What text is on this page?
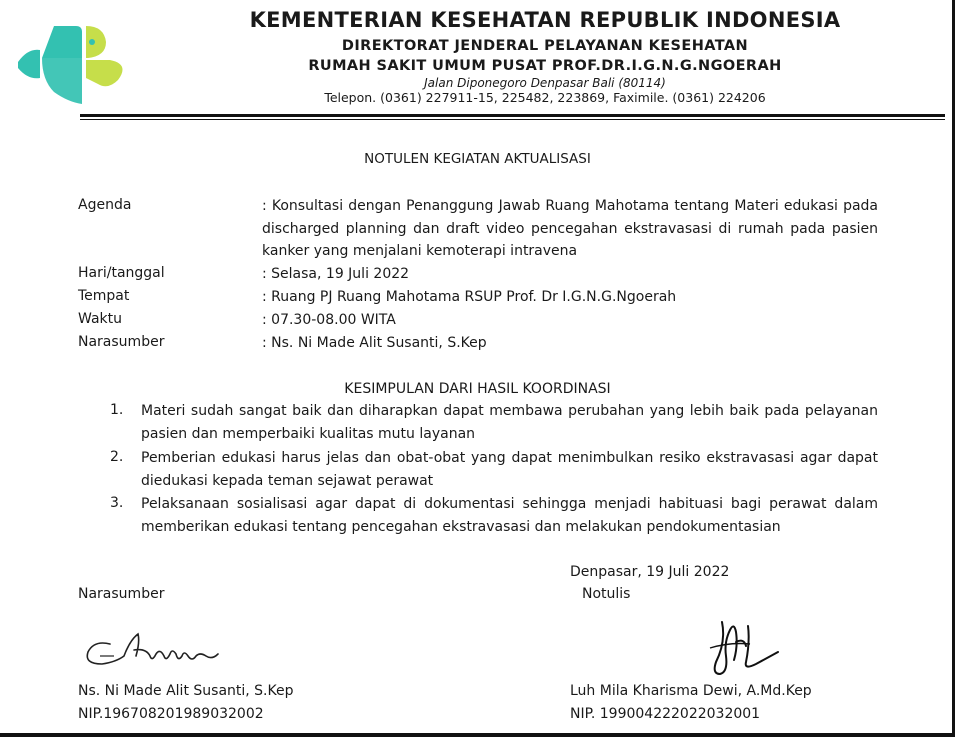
KEMENTERIAN KESEHATAN REPUBLIK INDONESIA
DIREKTORAT JENDERAL PELAYANAN KESEHATAN
RUMAH SAKIT UMUM PUSAT PROF.DR.I.G.N.G.NGOERAH
Jalan Diponegoro Denpasar Bali (80114)
Telepon. (0361) 227911-15, 225482, 223869, Faximile. (0361) 224206
NOTULEN KEGIATAN AKTUALISASI
Agenda	: Konsultasi dengan Penanggung Jawab Ruang Mahotama tentang Materi edukasi pada discharged planning dan draft video pencegahan ekstravasasi di rumah pada pasien kanker yang menjalani kemoterapi intravena
Hari/tanggal	: Selasa, 19 Juli 2022
Tempat	: Ruang PJ Ruang Mahotama RSUP Prof. Dr I.G.N.G.Ngoerah
Waktu	: 07.30-08.00 WITA
Narasumber	: Ns. Ni Made Alit Susanti, S.Kep
KESIMPULAN DARI HASIL KOORDINASI
1. Materi sudah sangat baik dan diharapkan dapat membawa perubahan yang lebih baik pada pelayanan pasien dan memperbaiki kualitas mutu layanan
2. Pemberian edukasi harus jelas dan obat-obat yang dapat menimbulkan resiko ekstravasasi agar dapat diedukasi kepada teman sejawat perawat
3. Pelaksanaan sosialisasi agar dapat di dokumentasi sehingga menjadi habituasi bagi perawat dalam memberikan edukasi tentang pencegahan ekstravasasi dan melakukan pendokumentasian
Denpasar, 19 Juli 2022
Narasumber	Notulis
Ns. Ni Made Alit Susanti, S.Kep
NIP.196708201989032002
Luh Mila Kharisma Dewi, A.Md.Kep
NIP. 199004222022032001
